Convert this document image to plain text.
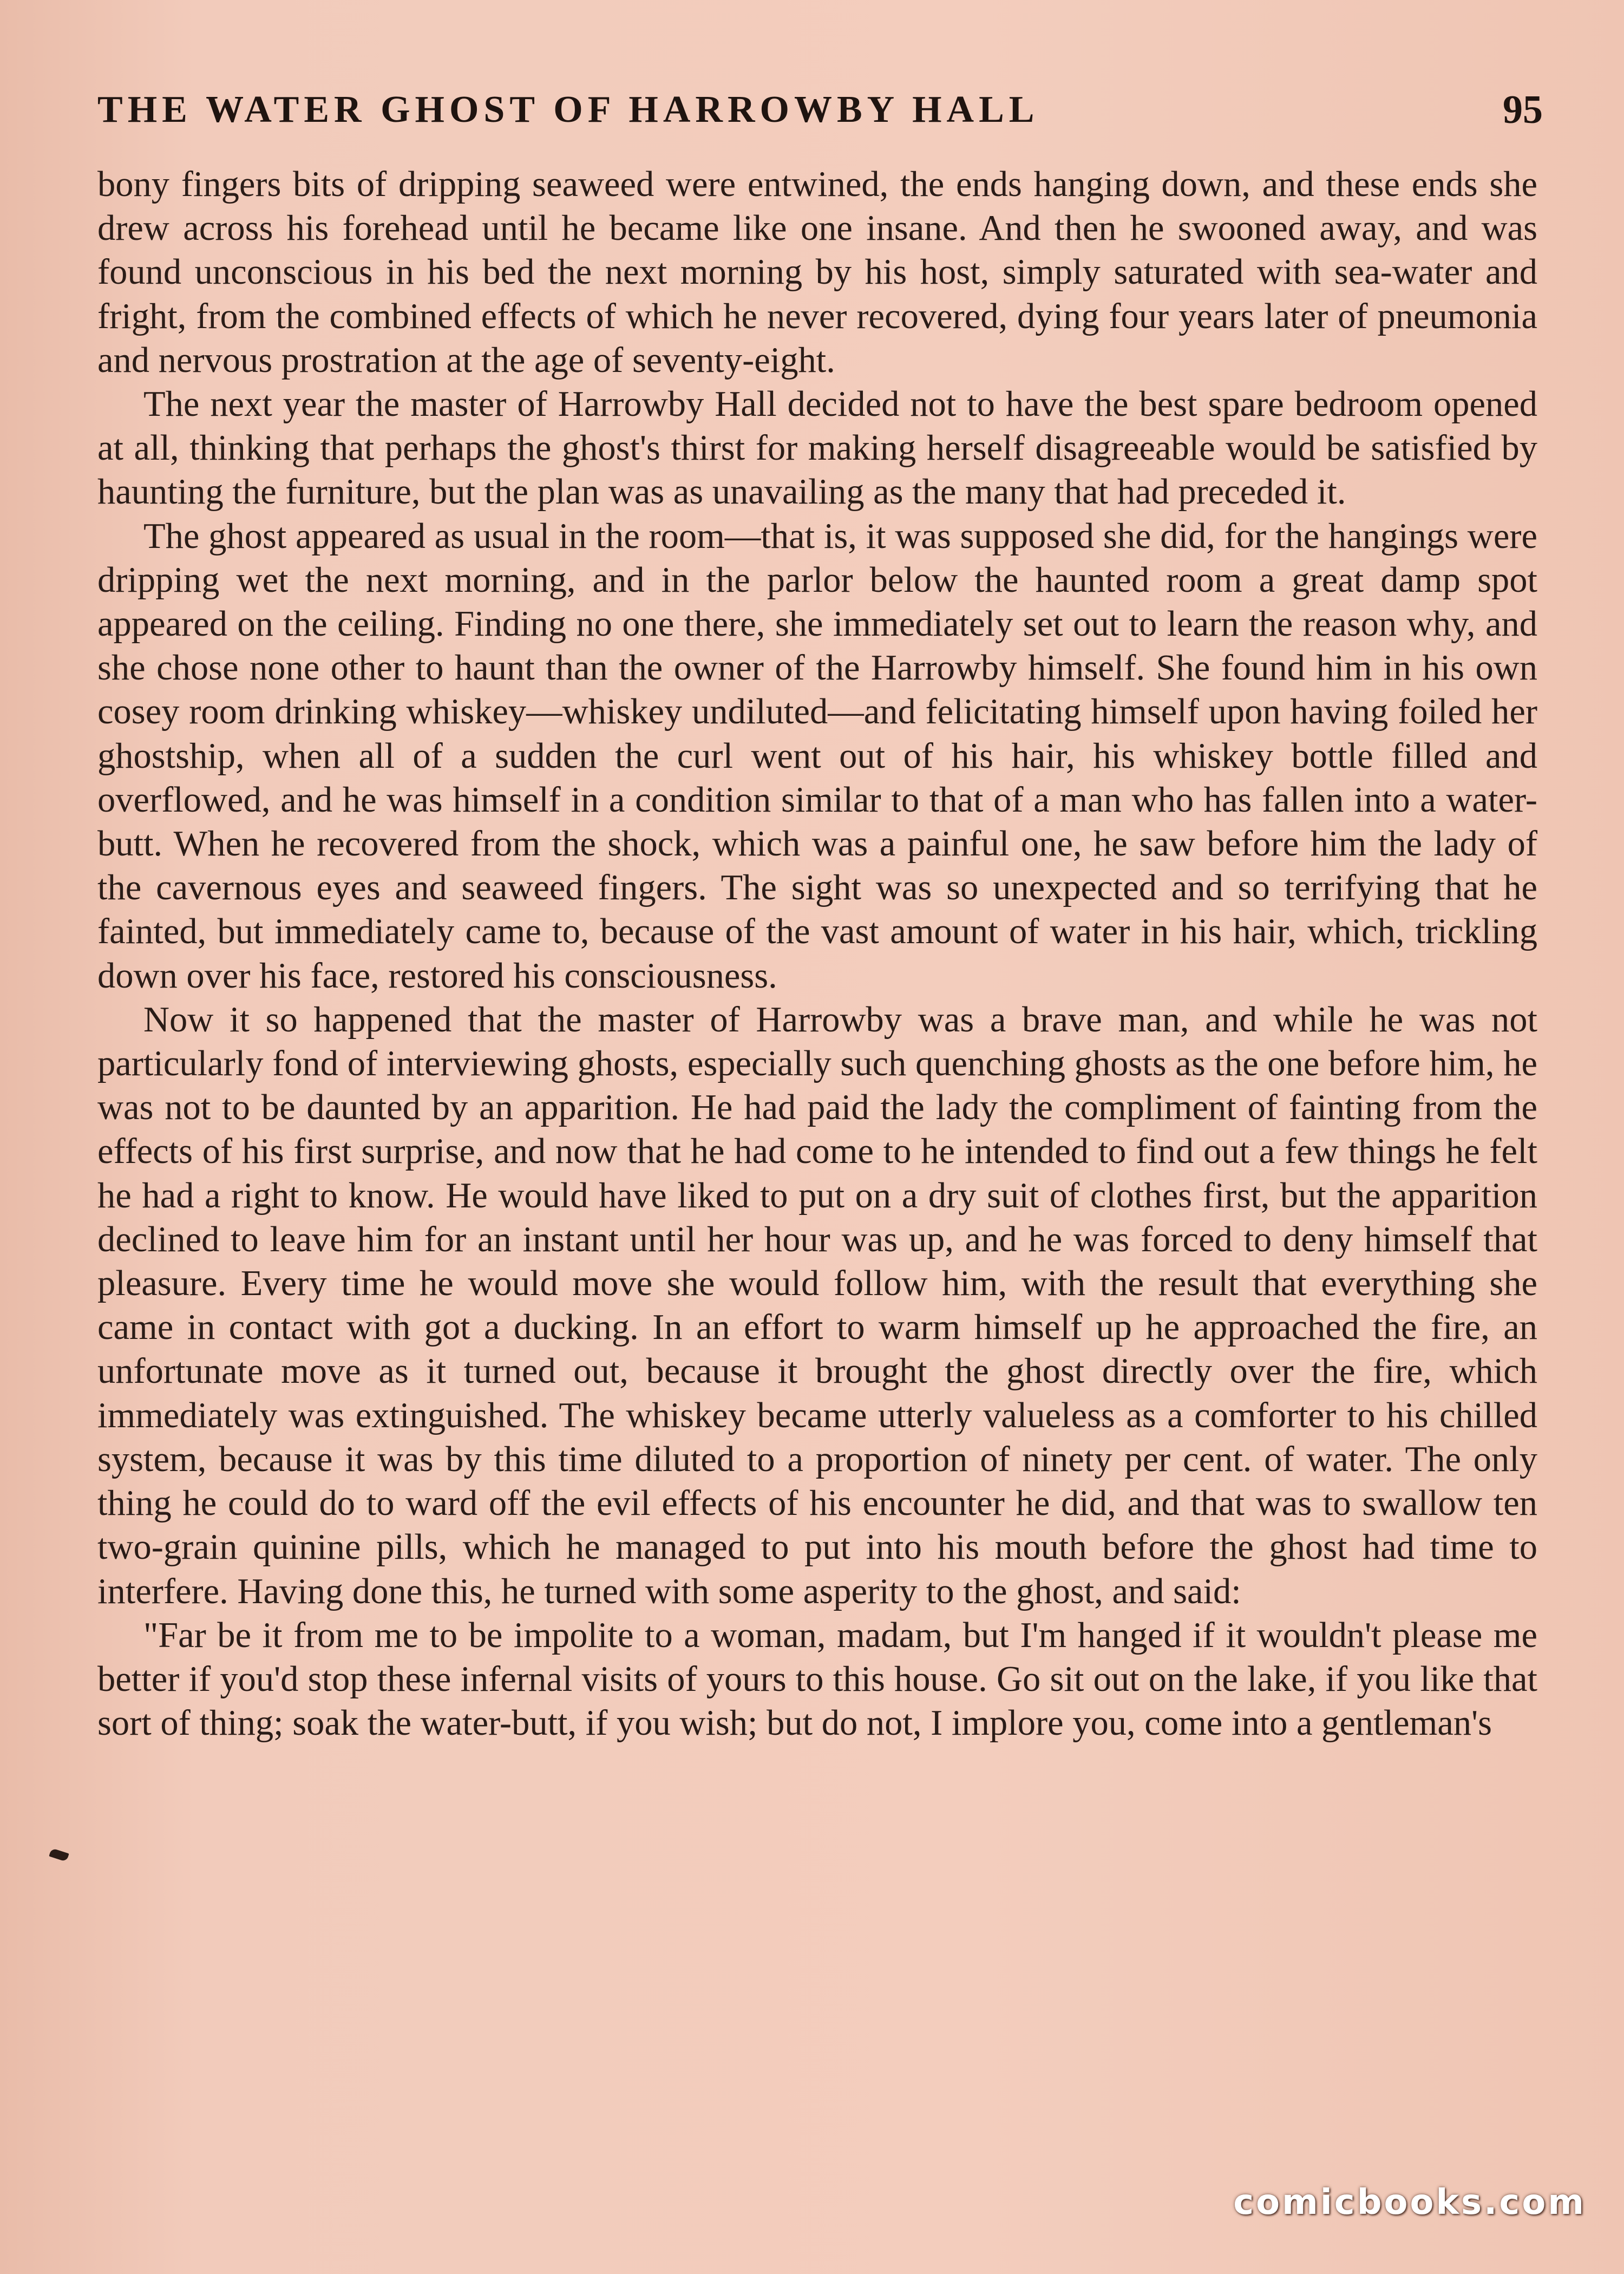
THE WATER GHOST OF HARROWBY HALL	95

bony fingers bits of dripping seaweed were entwined, the ends hanging down, and these ends she drew across his forehead until he became like one insane. And then he swooned away, and was found unconscious in his bed the next morning by his host, simply saturated with sea-water and fright, from the combined effects of which he never recovered, dying four years later of pneumonia and nervous prostration at the age of seventy-eight.

The next year the master of Harrowby Hall decided not to have the best spare bedroom opened at all, thinking that perhaps the ghost's thirst for making herself disagreeable would be satisfied by haunting the furniture, but the plan was as unavailing as the many that had preceded it.

The ghost appeared as usual in the room—that is, it was supposed she did, for the hangings were dripping wet the next morning, and in the parlor below the haunted room a great damp spot appeared on the ceiling. Finding no one there, she immediately set out to learn the reason why, and she chose none other to haunt than the owner of the Harrowby himself. She found him in his own cosey room drinking whiskey—whiskey undiluted—and felicitating himself upon having foiled her ghostship, when all of a sudden the curl went out of his hair, his whiskey bottle filled and overflowed, and he was himself in a condition similar to that of a man who has fallen into a water-butt. When he recovered from the shock, which was a painful one, he saw before him the lady of the cavernous eyes and seaweed fingers. The sight was so unexpected and so terrifying that he fainted, but immediately came to, because of the vast amount of water in his hair, which, trickling down over his face, restored his consciousness.

Now it so happened that the master of Harrowby was a brave man, and while he was not particularly fond of interviewing ghosts, especially such quenching ghosts as the one before him, he was not to be daunted by an apparition. He had paid the lady the compliment of fainting from the effects of his first surprise, and now that he had come to he intended to find out a few things he felt he had a right to know. He would have liked to put on a dry suit of clothes first, but the apparition declined to leave him for an instant until her hour was up, and he was forced to deny himself that pleasure. Every time he would move she would follow him, with the result that everything she came in contact with got a ducking. In an effort to warm himself up he approached the fire, an unfortunate move as it turned out, because it brought the ghost directly over the fire, which immediately was extinguished. The whiskey became utterly valueless as a comforter to his chilled system, because it was by this time diluted to a proportion of ninety per cent. of water. The only thing he could do to ward off the evil effects of his encounter he did, and that was to swallow ten two-grain quinine pills, which he managed to put into his mouth before the ghost had time to interfere. Having done this, he turned with some asperity to the ghost, and said:

"Far be it from me to be impolite to a woman, madam, but I'm hanged if it wouldn't please me better if you'd stop these infernal visits of yours to this house. Go sit out on the lake, if you like that sort of thing; soak the water-butt, if you wish; but do not, I implore you, come into a gentleman's

comicbooks.com
